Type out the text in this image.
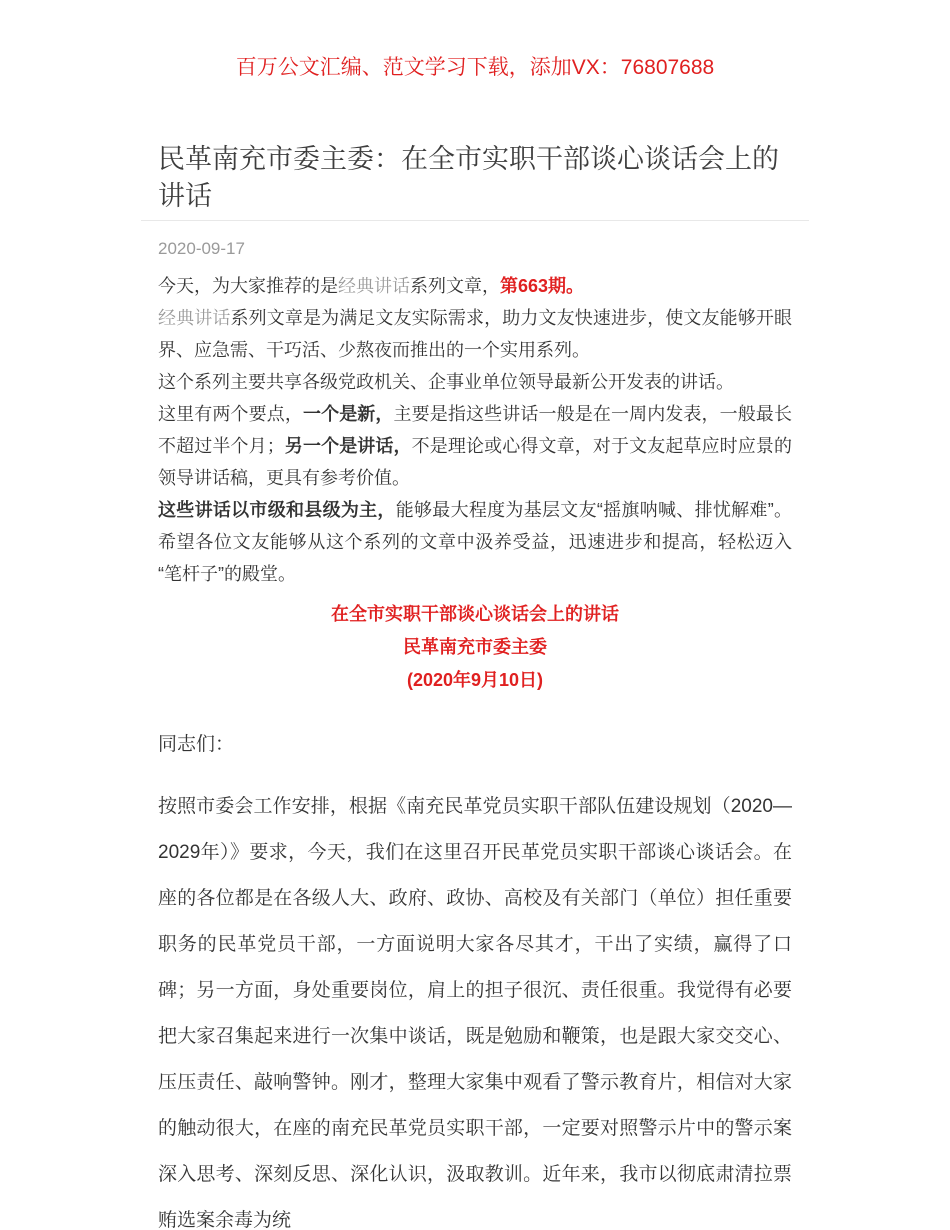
百万公文汇编、范文学习下载，添加VX：76807688
民革南充市委主委：在全市实职干部谈心谈话会上的讲话
2020-09-17

今天，为大家推荐的是经典讲话系列文章，第663期。

经典讲话系列文章是为满足文友实际需求，助力文友快速进步，使文友能够开眼界、应急需、干巧活、少熬夜而推出的一个实用系列。

这个系列主要共享各级党政机关、企事业单位领导最新公开发表的讲话。

这里有两个要点，一个是新，主要是指这些讲话一般是在一周内发表，一般最长不超过半个月；另一个是讲话，不是理论或心得文章，对于文友起草应时应景的领导讲话稿，更具有参考价值。

这些讲话以市级和县级为主，能够最大程度为基层文友“摇旗呐喊、排忧解难”。希望各位文友能够从这个系列的文章中汲养受益，迅速进步和提高，轻松迈入“笔杆子”的殿堂。

在全市实职干部谈心谈话会上的讲话

民革南充市委主委

(2020年9月10日)

同志们：
按照市委会工作安排，根据《南充民革党员实职干部队伍建设规划（2020—2029年）》要求，今天，我们在这里召开民革党员实职干部谈心谈话会。在座的各位都是在各级人大、政府、政协、高校及有关部门（单位）担任重要职务的民革党员干部，一方面说明大家各尽其才，干出了实绩，赢得了口碑；另一方面，身处重要岗位，肩上的担子很沉、责任很重。我觉得有必要把大家召集起来进行一次集中谈话，既是勉励和鞭策，也是跟大家交交心、压压责任、敲响警钟。刚才，整理大家集中观看了警示教育片，相信对大家的触动很大，在座的南充民革党员实职干部，一定要对照警示片中的警示案深入思考、深刻反思、深化认识，汲取教训。近年来，我市以彻底肃清拉票贿选案余毒为统
